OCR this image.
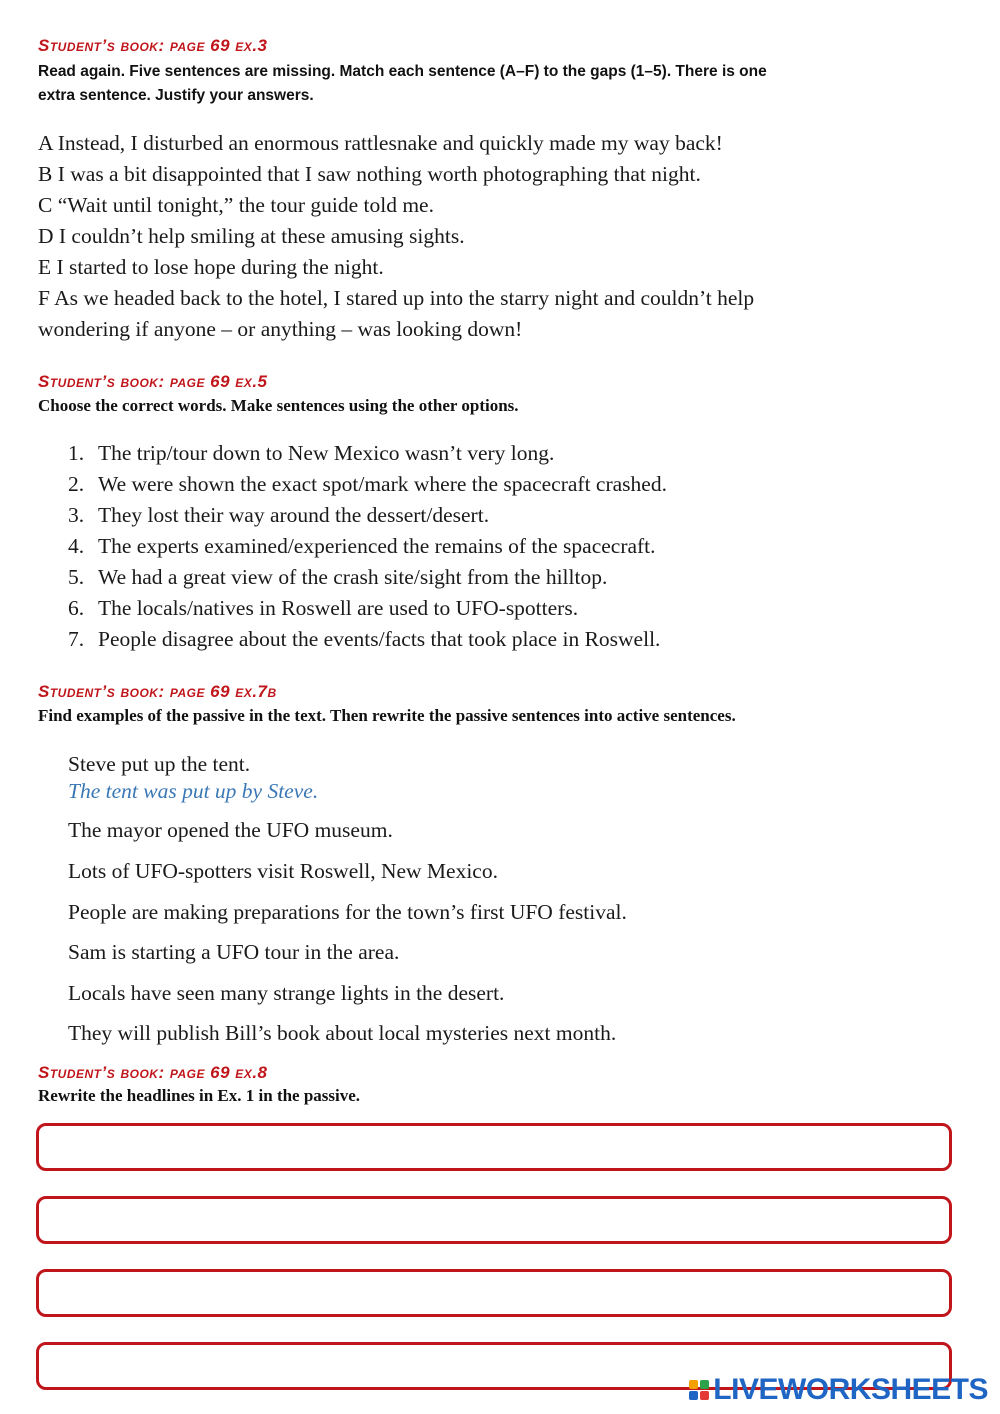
Student’s book: page 69 ex.3
Read again. Five sentences are missing. Match each sentence (A–F) to the gaps (1–5). There is one
extra sentence. Justify your answers.
A Instead, I disturbed an enormous rattlesnake and quickly made my way back!
B I was a bit disappointed that I saw nothing worth photographing that night.
C “Wait until tonight,” the tour guide told me.
D I couldn’t help smiling at these amusing sights.
E I started to lose hope during the night.
F As we headed back to the hotel, I stared up into the starry night and couldn’t help
wondering if anyone – or anything – was looking down!
Student’s book: page 69 ex.5
Choose the correct words. Make sentences using the other options.
1. The trip/tour down to New Mexico wasn’t very long.
2. We were shown the exact spot/mark where the spacecraft crashed.
3. They lost their way around the dessert/desert.
4. The experts examined/experienced the remains of the spacecraft.
5. We had a great view of the crash site/sight from the hilltop.
6. The locals/natives in Roswell are used to UFO-spotters.
7. People disagree about the events/facts that took place in Roswell.
Student’s book: page 69 ex.7b
Find examples of the passive in the text. Then rewrite the passive sentences into active sentences.
Steve put up the tent.
The tent was put up by Steve.
The mayor opened the UFO museum.
Lots of UFO-spotters visit Roswell, New Mexico.
People are making preparations for the town’s first UFO festival.
Sam is starting a UFO tour in the area.
Locals have seen many strange lights in the desert.
They will publish Bill’s book about local mysteries next month.
Student’s book: page 69 ex.8
Rewrite the headlines in Ex. 1 in the passive.
LIVEWORKSHEETS
